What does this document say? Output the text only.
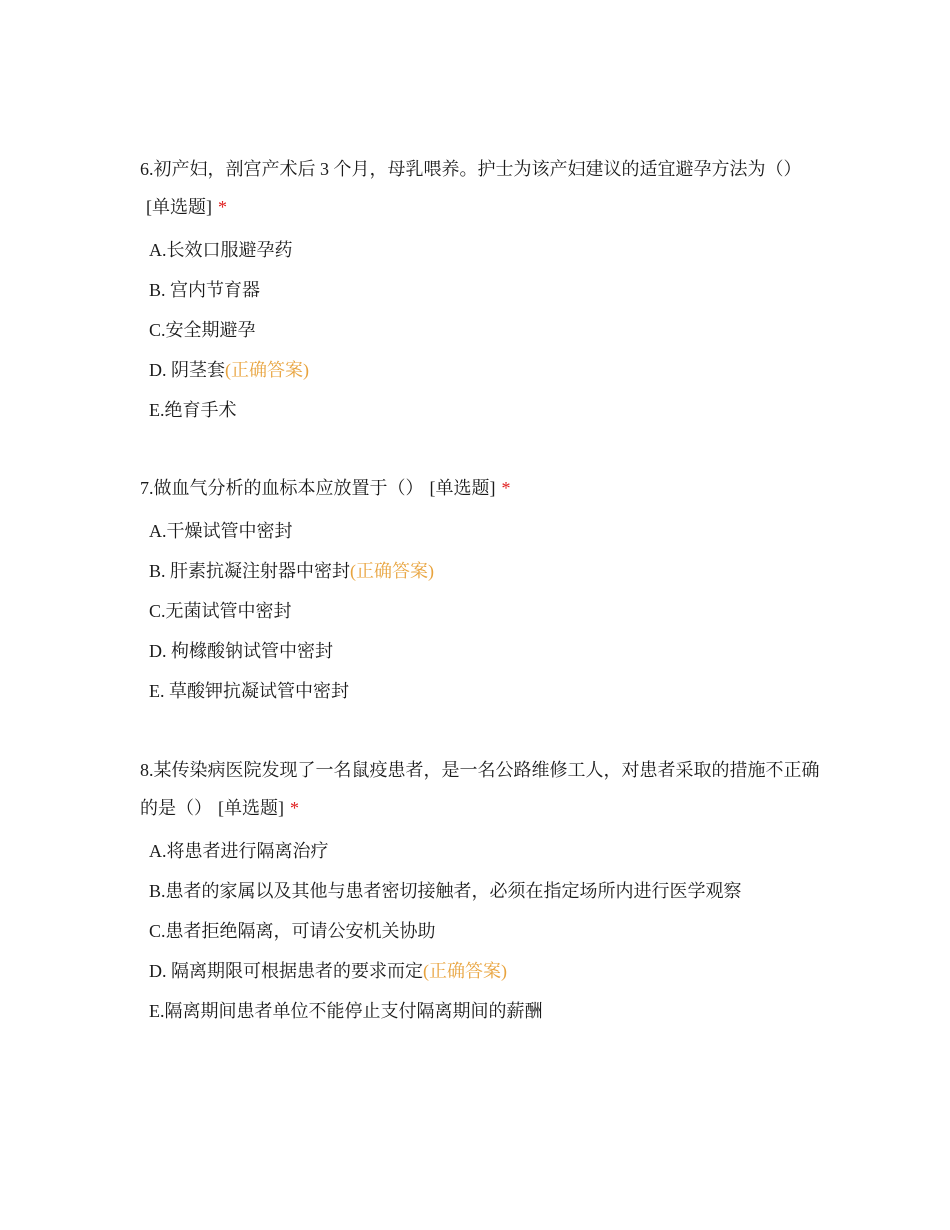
6.初产妇，剖宫产术后 3 个月，母乳喂养。护士为该产妇建议的适宜避孕方法为（）[单选题] *

A.长效口服避孕药
B. 宫内节育器
C.安全期避孕
D. 阴茎套(正确答案)
E.绝育手术

7.做血气分析的血标本应放置于（） [单选题] *

A.干燥试管中密封
B. 肝素抗凝注射器中密封(正确答案)
C.无菌试管中密封
D. 枸橼酸钠试管中密封
E. 草酸钾抗凝试管中密封

8.某传染病医院发现了一名鼠疫患者，是一名公路维修工人，对患者采取的措施不正确的是（） [单选题] *

A.将患者进行隔离治疗
B.患者的家属以及其他与患者密切接触者，必须在指定场所内进行医学观察
C.患者拒绝隔离，可请公安机关协助
D. 隔离期限可根据患者的要求而定(正确答案)
E.隔离期间患者单位不能停止支付隔离期间的薪酬
